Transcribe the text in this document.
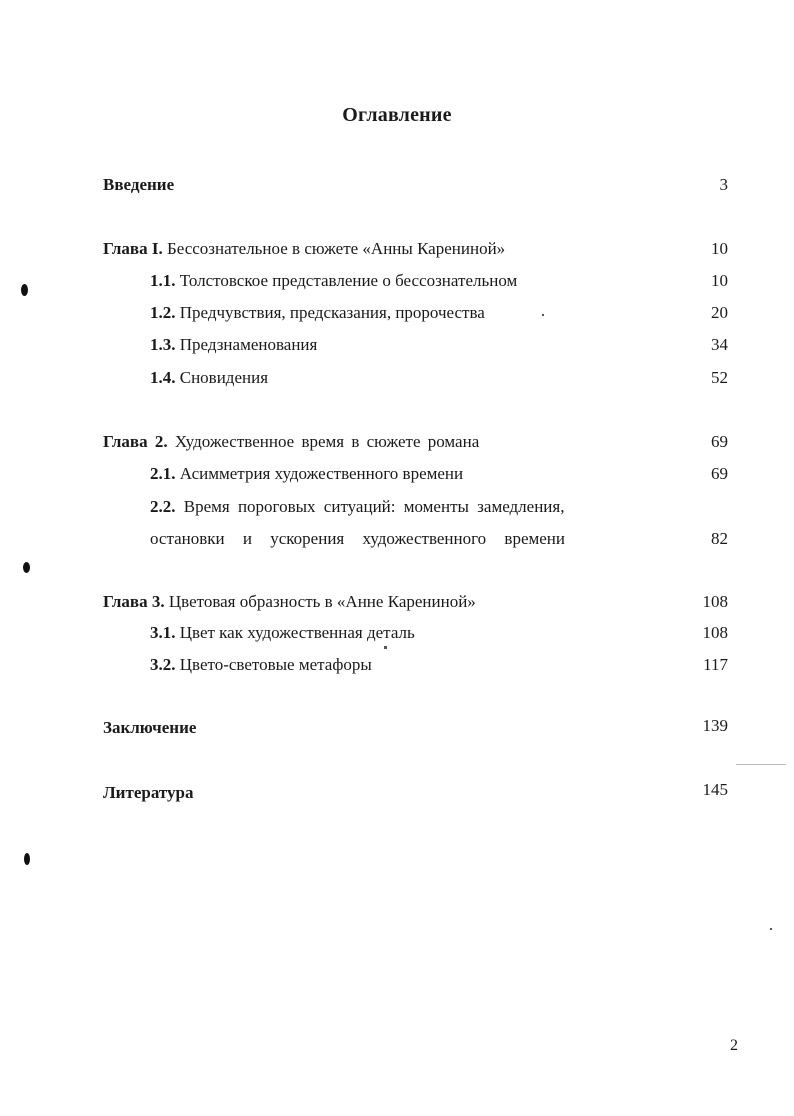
Оглавление
Введение	3
Глава I. Бессознательное в сюжете «Анны Карениной»	10
1.1. Толстовское представление о бессознательном	10
1.2. Предчувствия, предсказания, пророчества	20
1.3. Предзнаменования	34
1.4. Сновидения	52
Глава 2. Художественное время в сюжете романа	69
2.1. Асимметрия художественного времени	69
2.2. Время пороговых ситуаций: моменты замедления,
остановки и ускорения художественного времени	82
Глава 3. Цветовая образность в «Анне Карениной»	108
3.1. Цвет как художественная деталь	108
3.2. Цвето-световые метафоры	117
Заключение	139
Литература	145
2
